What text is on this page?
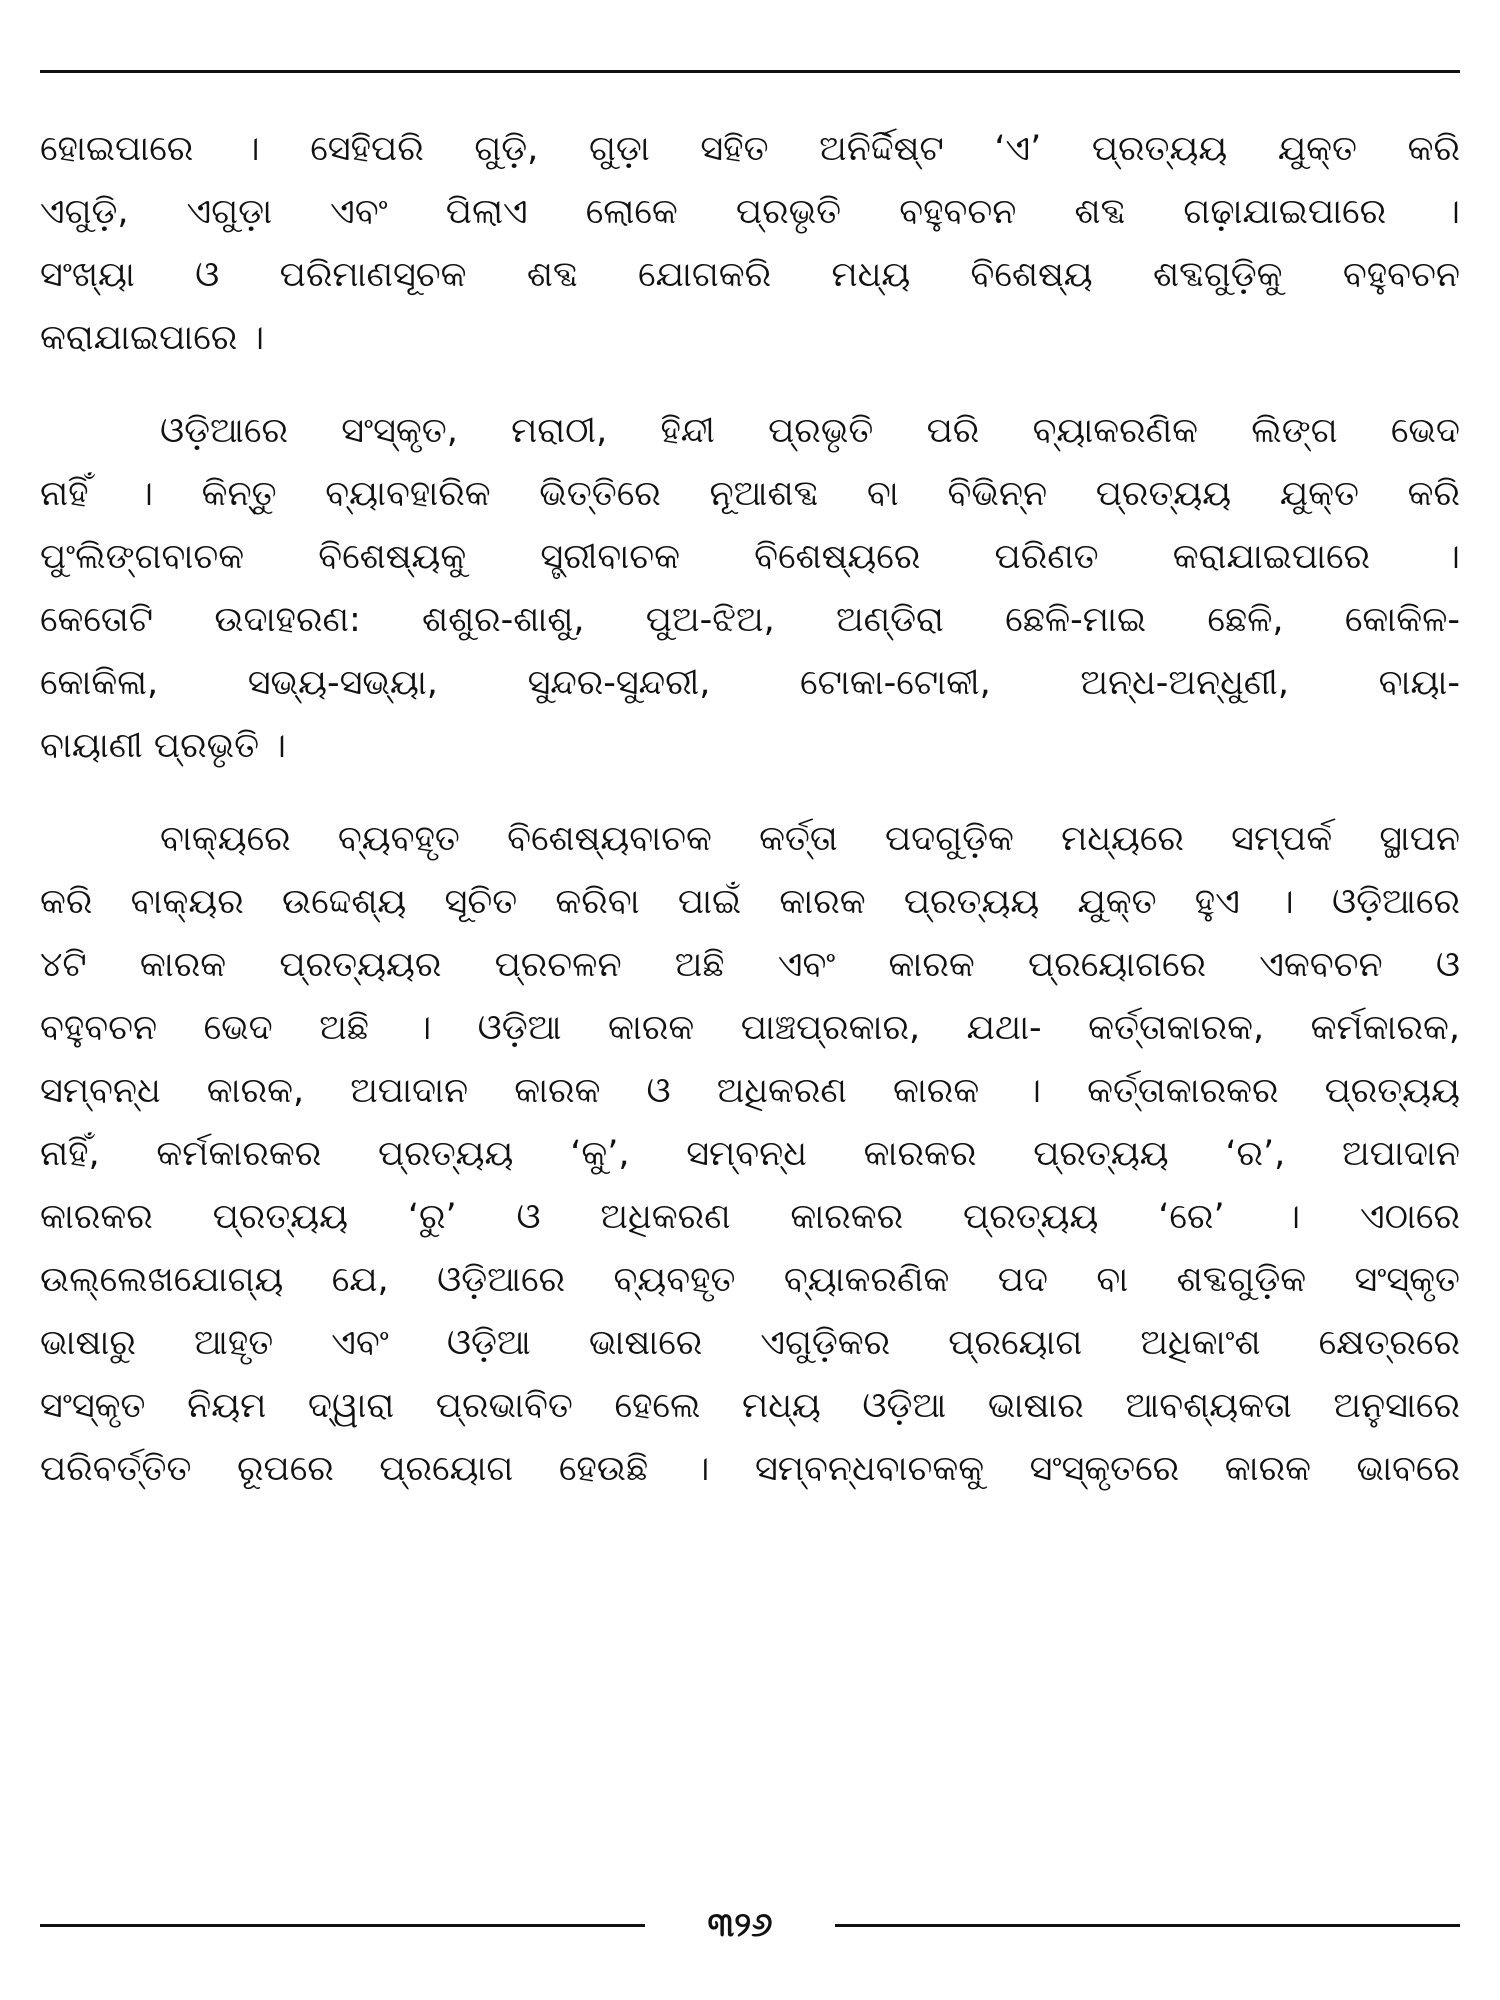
ହୋଇପାରେ । ସେହିପରି ଗୁଡ଼ି, ଗୁଡ଼ା ସହିତ ଅନିର୍ଦ୍ଦିଷ୍ଟ ‘ଏ’ ପ୍ରତ୍ୟୟ ଯୁକ୍ତ କରି
ଏଗୁଡ଼ି, ଏଗୁଡ଼ା ଏବଂ ପିଲାଏ ଲୋକେ ପ୍ରଭୃତି ବହୁବଚନ ଶବ୍ଦ ଗଢ଼ାଯାଇପାରେ ।
ସଂଖ୍ୟା ଓ ପରିମାଣସୂଚକ ଶବ୍ଦ ଯୋଗକରି ମଧ୍ୟ ବିଶେଷ୍ୟ ଶବ୍ଦଗୁଡ଼ିକୁ ବହୁବଚନ
କରାଯାଇପାରେ ।
ଓଡ଼ିଆରେ ସଂସ୍କୃତ, ମରାଠୀ, ହିନ୍ଦୀ ପ୍ରଭୃତି ପରି ବ୍ୟାକରଣିକ ଲିଙ୍ଗ ଭେଦ
ନାହିଁ । କିନ୍ତୁ ବ୍ୟାବହାରିକ ଭିତ୍ତିରେ ନୂଆଶବ୍ଦ ବା ବିଭିନ୍ନ ପ୍ରତ୍ୟୟ ଯୁକ୍ତ କରି
ପୁଂଲିଙ୍ଗବାଚକ ବିଶେଷ୍ୟକୁ ସ୍ତ୍ରୀବାଚକ ବିଶେଷ୍ୟରେ ପରିଣତ କରାଯାଇପାରେ ।
କେତୋଟି ଉଦାହରଣ: ଶଶୁର-ଶାଶୁ, ପୁଅ-ଝିଅ, ଅଣ୍ଡିରା ଛେଳି-ମାଇ ଛେଳି, କୋକିଳ-
କୋକିଳା, ସଭ୍ୟ-ସଭ୍ୟା, ସୁନ୍ଦର-ସୁନ୍ଦରୀ, ଟୋକା-ଟୋକୀ, ଅନ୍ଧ-ଅନ୍ଧୁଣୀ, ବାୟା-
ବାୟାଣୀ ପ୍ରଭୃତି ।
ବାକ୍ୟରେ ବ୍ୟବହୃତ ବିଶେଷ୍ୟବାଚକ କର୍ତ୍ତା ପଦଗୁଡ଼ିକ ମଧ୍ୟରେ ସମ୍ପର୍କ ସ୍ଥାପନ
କରି ବାକ୍ୟର ଉଦ୍ଦେଶ୍ୟ ସୂଚିତ କରିବା ପାଇଁ କାରକ ପ୍ରତ୍ୟୟ ଯୁକ୍ତ ହୁଏ । ଓଡ଼ିଆରେ
୪ଟି କାରକ ପ୍ରତ୍ୟୟର ପ୍ରଚଳନ ଅଛି ଏବଂ କାରକ ପ୍ରୟୋଗରେ ଏକବଚନ ଓ
ବହୁବଚନ ଭେଦ ଅଛି । ଓଡ଼ିଆ କାରକ ପାଞ୍ଚପ୍ରକାର, ଯଥା- କର୍ତ୍ତାକାରକ, କର୍ମକାରକ,
ସମ୍ବନ୍ଧ କାରକ, ଅପାଦାନ କାରକ ଓ ଅଧିକରଣ କାରକ । କର୍ତ୍ତାକାରକର ପ୍ରତ୍ୟୟ
ନାହିଁ, କର୍ମକାରକର ପ୍ରତ୍ୟୟ ‘କୁ’, ସମ୍ବନ୍ଧ କାରକର ପ୍ରତ୍ୟୟ ‘ର’, ଅପାଦାନ
କାରକର ପ୍ରତ୍ୟୟ ‘ରୁ’ ଓ ଅଧିକରଣ କାରକର ପ୍ରତ୍ୟୟ ‘ରେ’ । ଏଠାରେ
ଉଲ୍ଲେଖଯୋଗ୍ୟ ଯେ, ଓଡ଼ିଆରେ ବ୍ୟବହୃତ ବ୍ୟାକରଣିକ ପଦ ବା ଶବ୍ଦଗୁଡ଼ିକ ସଂସ୍କୃତ
ଭାଷାରୁ ଆହୃତ ଏବଂ ଓଡ଼ିଆ ଭାଷାରେ ଏଗୁଡ଼ିକର ପ୍ରୟୋଗ ଅଧିକାଂଶ କ୍ଷେତ୍ରରେ
ସଂସ୍କୃତ ନିୟମ ଦ୍ୱାରା ପ୍ରଭାବିତ ହେଲେ ମଧ୍ୟ ଓଡ଼ିଆ ଭାଷାର ଆବଶ୍ୟକତା ଅନୁସାରେ
ପରିବର୍ତ୍ତିତ ରୂପରେ ପ୍ରୟୋଗ ହେଉଛି । ସମ୍ବନ୍ଧବାଚକକୁ ସଂସ୍କୃତରେ କାରକ ଭାବରେ
୩୨୬
